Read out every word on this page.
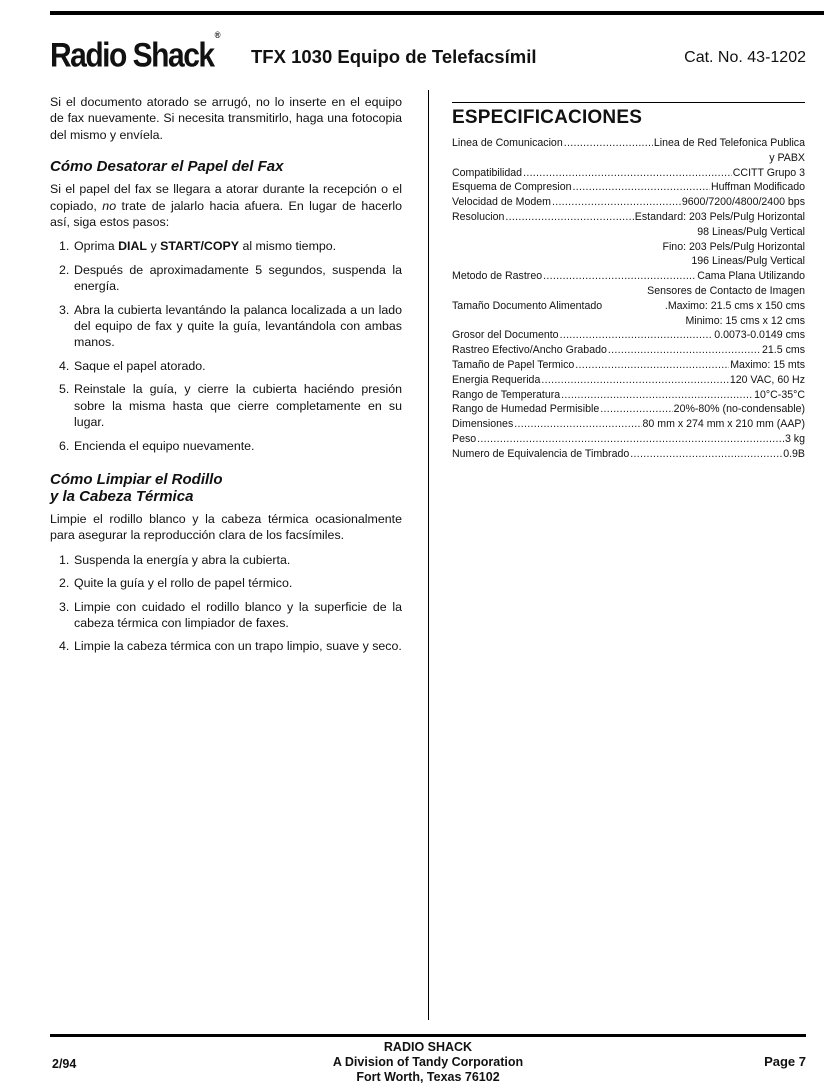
Radio Shack®
TFX 1030 Equipo de Telefacsímil	Cat. No. 43-1202

Si el documento atorado se arrugó, no lo inserte en el equipo de fax nuevamente. Si necesita transmitirlo, haga una fotocopia del mismo y envíela.

Cómo Desatorar el Papel del Fax

Si el papel del fax se llegara a atorar durante la recepción o el copiado, no trate de jalarlo hacia afuera. En lugar de hacerlo así, siga estos pasos:

1. Oprima DIAL y START/COPY al mismo tiempo.
2. Después de aproximadamente 5 segundos, suspenda la energía.
3. Abra la cubierta levantándo la palanca localizada a un lado del equipo de fax y quite la guía, levantándola con ambas manos.
4. Saque el papel atorado.
5. Reinstale la guía, y cierre la cubierta haciéndo presión sobre la misma hasta que cierre completamente en su lugar.
6. Encienda el equipo nuevamente.
Cómo Limpiar el Rodillo
y la Cabeza Térmica

Limpie el rodillo blanco y la cabeza térmica ocasionalmente para asegurar la reproducción clara de los facsímiles.

1. Suspenda la energía y abra la cubierta.
2. Quite la guía y el rollo de papel térmico.
3. Limpie con cuidado el rodillo blanco y la superficie de la cabeza térmica con limpiador de faxes.
4. Limpie la cabeza térmica con un trapo limpio, suave y seco.
ESPECIFICACIONES
Linea de Comunicacion .....	Linea de Red Telefonica Publica
y PABX
Compatibilidad .....	CCITT Grupo 3
Esquema de Compresion .....	Huffman Modificado
Velocidad de Modem .....	9600/7200/4800/2400 bps
Resolucion .....	Estandard: 203 Pels/Pulg Horizontal
98 Lineas/Pulg Vertical
Fino: 203 Pels/Pulg Horizontal
196 Lineas/Pulg Vertical
Metodo de Rastreo .....	Cama Plana Utilizando
Sensores de Contacto de Imagen
Tamaño Documento Alimentado	.Maximo: 21.5 cms x 150 cms
Minimo: 15 cms x 12 cms
Grosor del Documento .....	0.0073-0.0149 cms
Rastreo Efectivo/Ancho Grabado .....	21.5 cms
Tamaño de Papel Termico .....	Maximo: 15 mts
Energia Requerida .....	120 VAC, 60 Hz
Rango de Temperatura .....	10°C-35°C
Rango de Humedad Permisible .....	20%-80% (no-condensable)
Dimensiones .....	80 mm x 274 mm x 210 mm (AAP)
Peso .....	3 kg
Numero de Equivalencia de Timbrado .....	0.9B
RADIO SHACK
A Division of Tandy Corporation
Fort Worth, Texas 76102
2/94	Page 7
